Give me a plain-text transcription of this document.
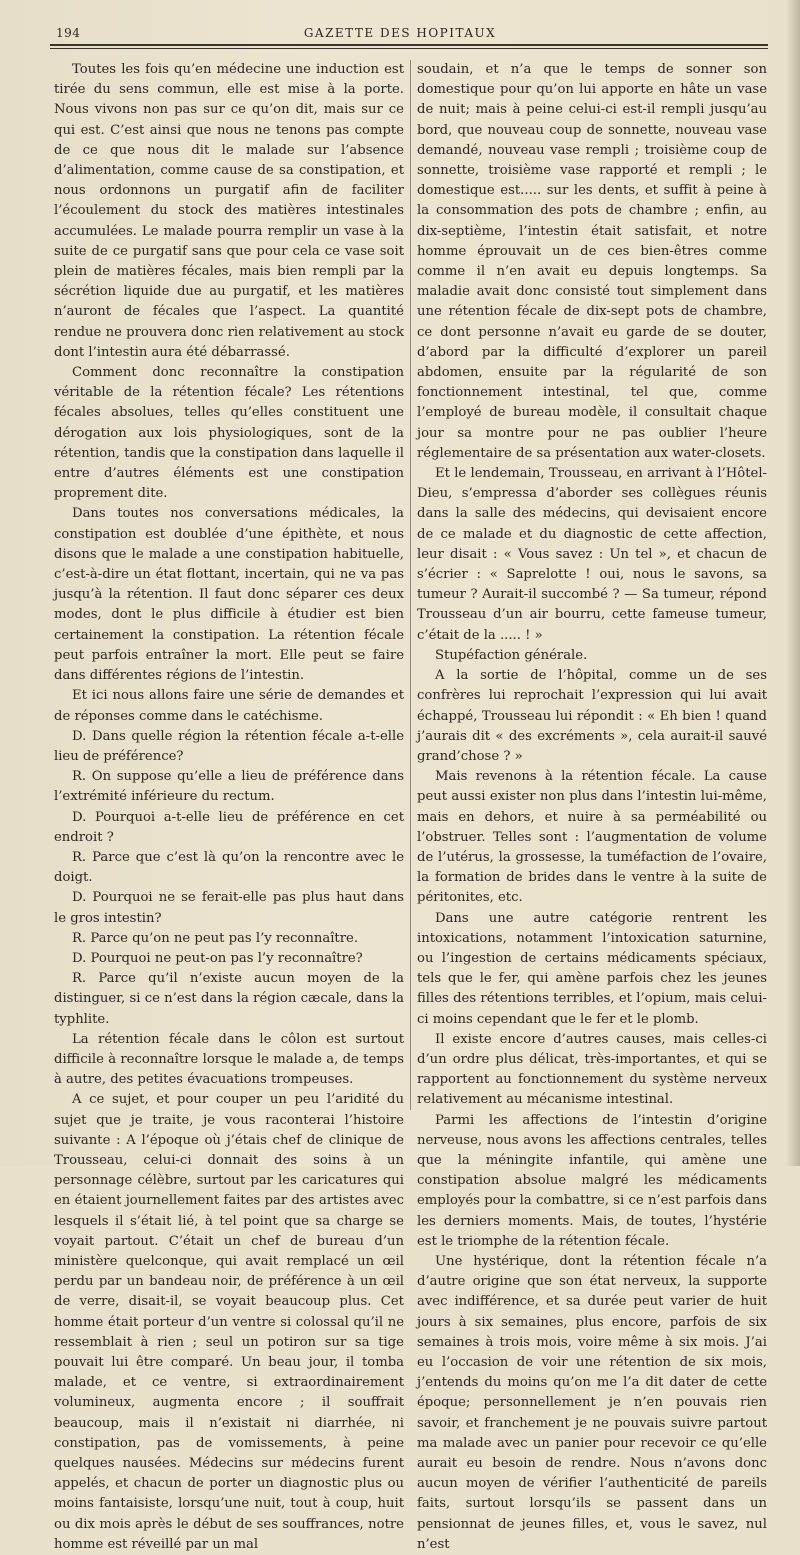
194	GAZETTE DES HOPITAUX

Toutes les fois qu’en médecine une induction est tirée du sens commun, elle est mise à la porte. Nous vivons non pas sur ce qu’on dit, mais sur ce qui est. C’est ainsi que nous ne tenons pas compte de ce que nous dit le malade sur l’absence d’alimentation, comme cause de sa constipation, et nous ordonnons un purgatif afin de faciliter l’écoulement du stock des matières intestinales accumulées. Le malade pourra remplir un vase à la suite de ce purgatif sans que pour cela ce vase soit plein de matières fécales, mais bien rempli par la sécrétion liquide due au purgatif, et les matières n’auront de fécales que l’aspect. La quantité rendue ne prouvera donc rien relativement au stock dont l’intestin aura été débarrassé.

Comment donc reconnaître la constipation véritable de la rétention fécale? Les rétentions fécales absolues, telles qu’elles constituent une dérogation aux lois physiologiques, sont de la rétention, tandis que la constipation dans laquelle il entre d’autres éléments est une constipation proprement dite.

Dans toutes nos conversations médicales, la constipation est doublée d’une épithète, et nous disons que le malade a une constipation habituelle, c’est-à-dire un état flottant, incertain, qui ne va pas jusqu’à la rétention. Il faut donc séparer ces deux modes, dont le plus difficile à étudier est bien certainement la constipation. La rétention fécale peut parfois entraîner la mort. Elle peut se faire dans différentes régions de l’intestin.

Et ici nous allons faire une série de demandes et de réponses comme dans le catéchisme.

D. Dans quelle région la rétention fécale a-t-elle lieu de préférence?

R. On suppose qu’elle a lieu de préférence dans l’extrémité inférieure du rectum.

D. Pourquoi a-t-elle lieu de préférence en cet endroit ?

R. Parce que c’est là qu’on la rencontre avec le doigt.

D. Pourquoi ne se ferait-elle pas plus haut dans le gros intestin?

R. Parce qu’on ne peut pas l’y reconnaître.

D. Pourquoi ne peut-on pas l’y reconnaître?

R. Parce qu’il n’existe aucun moyen de la distinguer, si ce n’est dans la région cæcale, dans la typhlite.

La rétention fécale dans le côlon est surtout difficile à reconnaître lorsque le malade a, de temps à autre, des petites évacuations trompeuses.

A ce sujet, et pour couper un peu l’aridité du sujet que je traite, je vous raconterai l’histoire suivante : A l’époque où j’étais chef de clinique de Trousseau, celui-ci donnait des soins à un personnage célèbre, surtout par les caricatures qui en étaient journellement faites par des artistes avec lesquels il s’était lié, à tel point que sa charge se voyait partout. C’était un chef de bureau d’un ministère quelconque, qui avait remplacé un œil perdu par un bandeau noir, de préférence à un œil de verre, disait-il, se voyait beaucoup plus. Cet homme était porteur d’un ventre si colossal qu’il ne ressemblait à rien ; seul un potiron sur sa tige pouvait lui être comparé. Un beau jour, il tomba malade, et ce ventre, si extraordinairement volumineux, augmenta encore ; il souffrait beaucoup, mais il n’existait ni diarrhée, ni constipation, pas de vomissements, à peine quelques nausées. Médecins sur médecins furent appelés, et chacun de porter un diagnostic plus ou moins fantaisiste, lorsqu’une nuit, tout à coup, huit ou dix mois après le début de ses souffrances, notre homme est réveillé par un mal

soudain, et n’a que le temps de sonner son domestique pour qu’on lui apporte en hâte un vase de nuit; mais à peine celui-ci est-il rempli jusqu’au bord, que nouveau coup de sonnette, nouveau vase demandé, nouveau vase rempli ; troisième coup de sonnette, troisième vase rapporté et rempli ; le domestique est..... sur les dents, et suffit à peine à la consommation des pots de chambre ; enfin, au dix-septième, l’intestin était satisfait, et notre homme éprouvait un de ces bien-êtres comme comme il n’en avait eu depuis longtemps. Sa maladie avait donc consisté tout simplement dans une rétention fécale de dix-sept pots de chambre, ce dont personne n’avait eu garde de se douter, d’abord par la difficulté d’explorer un pareil abdomen, ensuite par la régularité de son fonctionnement intestinal, tel que, comme l’employé de bureau modèle, il consultait chaque jour sa montre pour ne pas oublier l’heure réglementaire de sa présentation aux water-closets.

Et le lendemain, Trousseau, en arrivant à l’Hôtel-Dieu, s’empressa d’aborder ses collègues réunis dans la salle des médecins, qui devisaient encore de ce malade et du diagnostic de cette affection, leur disait : « Vous savez : Un tel », et chacun de s’écrier : « Saprelotte ! oui, nous le savons, sa tumeur ? Aurait-il succombé ? — Sa tumeur, répond Trousseau d’un air bourru, cette fameuse tumeur, c’était de la ..... ! »

Stupéfaction générale.

A la sortie de l’hôpital, comme un de ses confrères lui reprochait l’expression qui lui avait échappé, Trousseau lui répondit : « Eh bien ! quand j’aurais dit « des excréments », cela aurait-il sauvé grand’chose ? »

Mais revenons à la rétention fécale. La cause peut aussi exister non plus dans l’intestin lui-même, mais en dehors, et nuire à sa perméabilité ou l’obstruer. Telles sont : l’augmentation de volume de l’utérus, la grossesse, la tuméfaction de l’ovaire, la formation de brides dans le ventre à la suite de péritonites, etc.

Dans une autre catégorie rentrent les intoxications, notamment l’intoxication saturnine, ou l’ingestion de certains médicaments spéciaux, tels que le fer, qui amène parfois chez les jeunes filles des rétentions terribles, et l’opium, mais celui-ci moins cependant que le fer et le plomb.

Il existe encore d’autres causes, mais celles-ci d’un ordre plus délicat, très-importantes, et qui se rapportent au fonctionnement du système nerveux relativement au mécanisme intestinal.

Parmi les affections de l’intestin d’origine nerveuse, nous avons les affections centrales, telles que la méningite infantile, qui amène une constipation absolue malgré les médicaments employés pour la combattre, si ce n’est parfois dans les derniers moments. Mais, de toutes, l’hystérie est le triomphe de la rétention fécale.

Une hystérique, dont la rétention fécale n’a d’autre origine que son état nerveux, la supporte avec indifférence, et sa durée peut varier de huit jours à six semaines, plus encore, parfois de six semaines à trois mois, voire même à six mois. J’ai eu l’occasion de voir une rétention de six mois, j’entends du moins qu’on me l’a dit dater de cette époque; personnellement je n’en pouvais rien savoir, et franchement je ne pouvais suivre partout ma malade avec un panier pour recevoir ce qu’elle aurait eu besoin de rendre. Nous n’avons donc aucun moyen de vérifier l’authenticité de pareils faits, surtout lorsqu’ils se passent dans un pensionnat de jeunes filles, et, vous le savez, nul n’est
